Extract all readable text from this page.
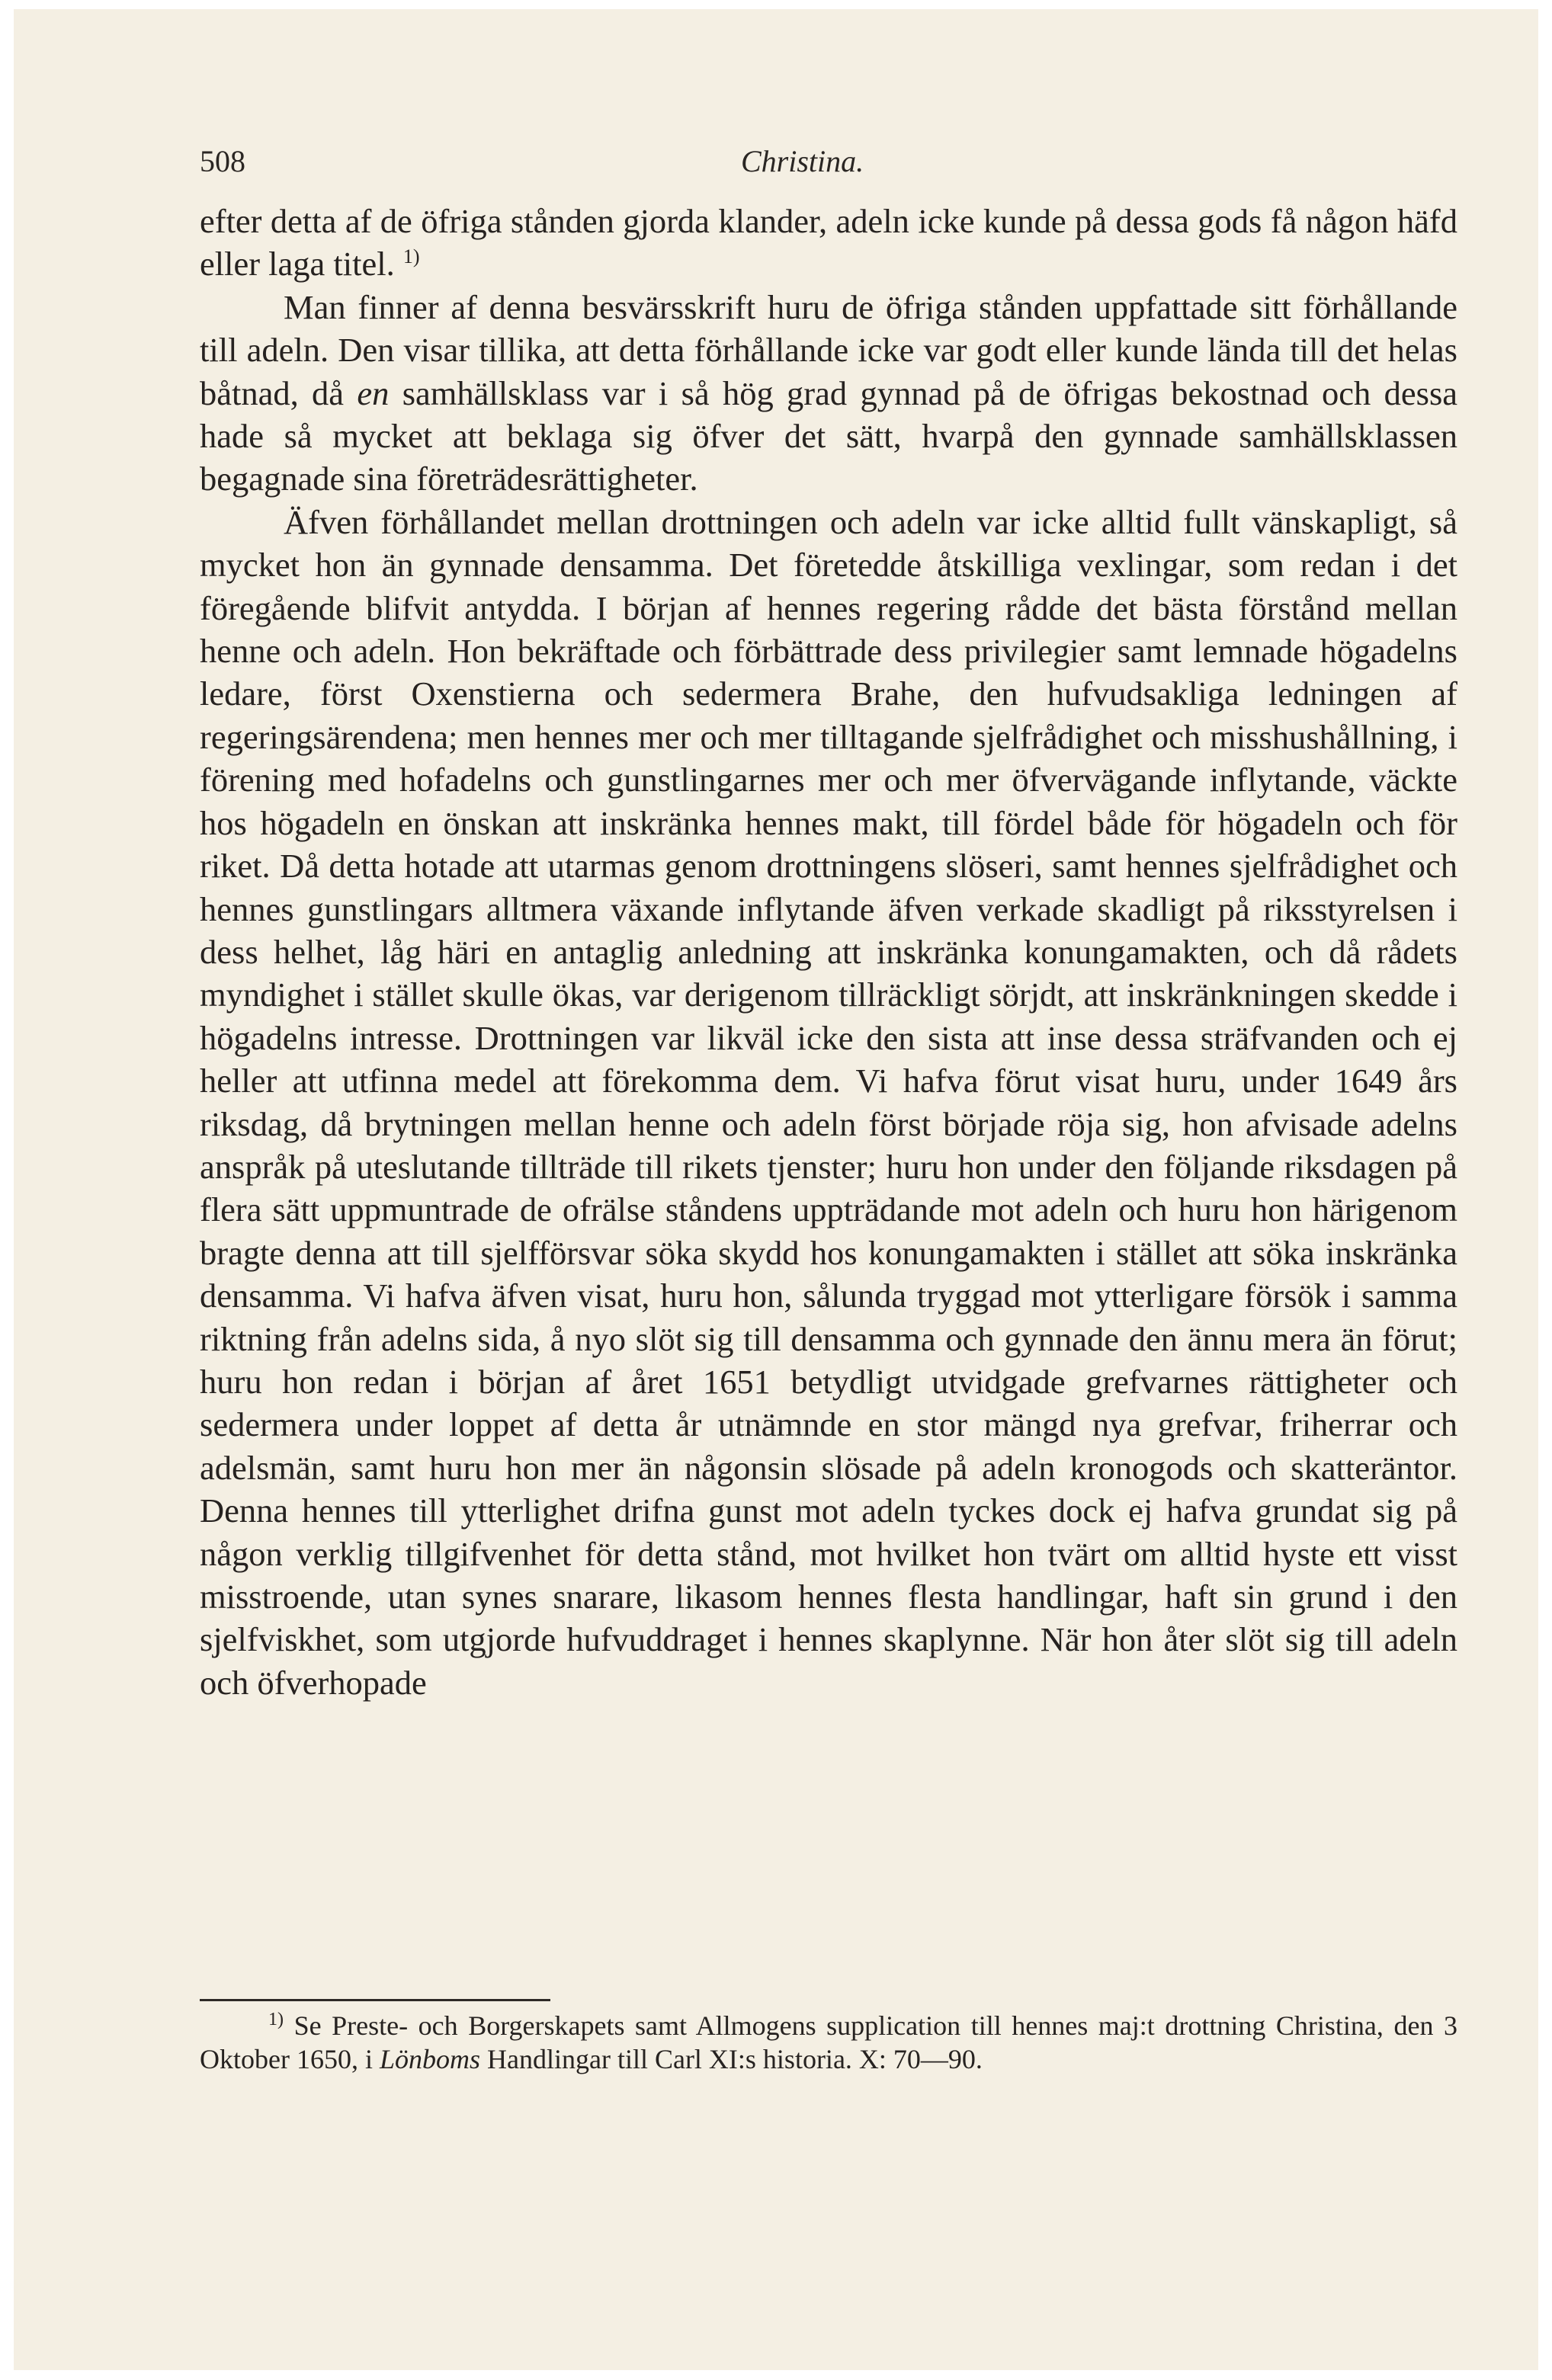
508	Christina.

efter detta af de öfriga stånden gjorda klander, adeln icke kunde på dessa gods få någon häfd eller laga titel. $^{1)}$

Man finner af denna besvärsskrift huru de öfriga stånden uppfattade sitt förhållande till adeln. Den visar tillika, att detta förhållande icke var godt eller kunde lända till det helas båtnad, då en samhällsklass var i så hög grad gynnad på de öfrigas bekostnad och dessa hade så mycket att beklaga sig öfver det sätt, hvarpå den gynnade samhällsklassen begagnade sina företrädesrättigheter.

Äfven förhållandet mellan drottningen och adeln var icke alltid fullt vänskapligt, så mycket hon än gynnade densamma. Det företedde åtskilliga vexlingar, som redan i det föregående blifvit antydda. I början af hennes regering rådde det bästa förstånd mellan henne och adeln. Hon bekräftade och förbättrade dess privilegier samt lemnade högadelns ledare, först Oxenstierna och sedermera Brahe, den hufvudsakliga ledningen af regeringsärendena; men hennes mer och mer tilltagande sjelfrådighet och misshushållning, i förening med hofadelns och gunstlingarnes mer och mer öfvervägande inflytande, väckte hos högadeln en önskan att inskränka hennes makt, till fördel både för högadeln och för riket. Då detta hotade att utarmas genom drottningens slöseri, samt hennes sjelfrådighet och hennes gunstlingars alltmera växande inflytande äfven verkade skadligt på riksstyrelsen i dess helhet, låg häri en antaglig anledning att inskränka konungamakten, och då rådets myndighet i stället skulle ökas, var derigenom tillräckligt sörjdt, att inskränkningen skedde i högadelns intresse. Drottningen var likväl icke den sista att inse dessa sträfvanden och ej heller att utfinna medel att förekomma dem. Vi hafva förut visat huru, under 1649 års riksdag, då brytningen mellan henne och adeln först började röja sig, hon afvisade adelns anspråk på uteslutande tillträde till rikets tjenster; huru hon under den följande riksdagen på flera sätt uppmuntrade de ofrälse ståndens uppträdande mot adeln och huru hon härigenom bragte denna att till sjelfförsvar söka skydd hos konungamakten i stället att söka inskränka densamma. Vi hafva äfven visat, huru hon, sålunda tryggad mot ytterligare försök i samma riktning från adelns sida, å nyo slöt sig till densamma och gynnade den ännu mera än förut; huru hon redan i början af året 1651 betydligt utvidgade grefvarnes rättigheter och sedermera under loppet af detta år utnämnde en stor mängd nya grefvar, friherrar och adelsmän, samt huru hon mer än någonsin slösade på adeln kronogods och skatteräntor. Denna hennes till ytterlighet drifna gunst mot adeln tyckes dock ej hafva grundat sig på någon verklig tillgifvenhet för detta stånd, mot hvilket hon tvärt om alltid hyste ett visst misstroende, utan synes snarare, likasom hennes flesta handlingar, haft sin grund i den sjelfviskhet, som utgjorde hufvuddraget i hennes skaplynne. När hon åter slöt sig till adeln och öfverhopade

$^{1)}$ Se Preste- och Borgerskapets samt Allmogens supplication till hennes maj:t drottning Christina, den 3 Oktober 1650, i Lönboms Handlingar till Carl XI:s historia. X: 70—90.
